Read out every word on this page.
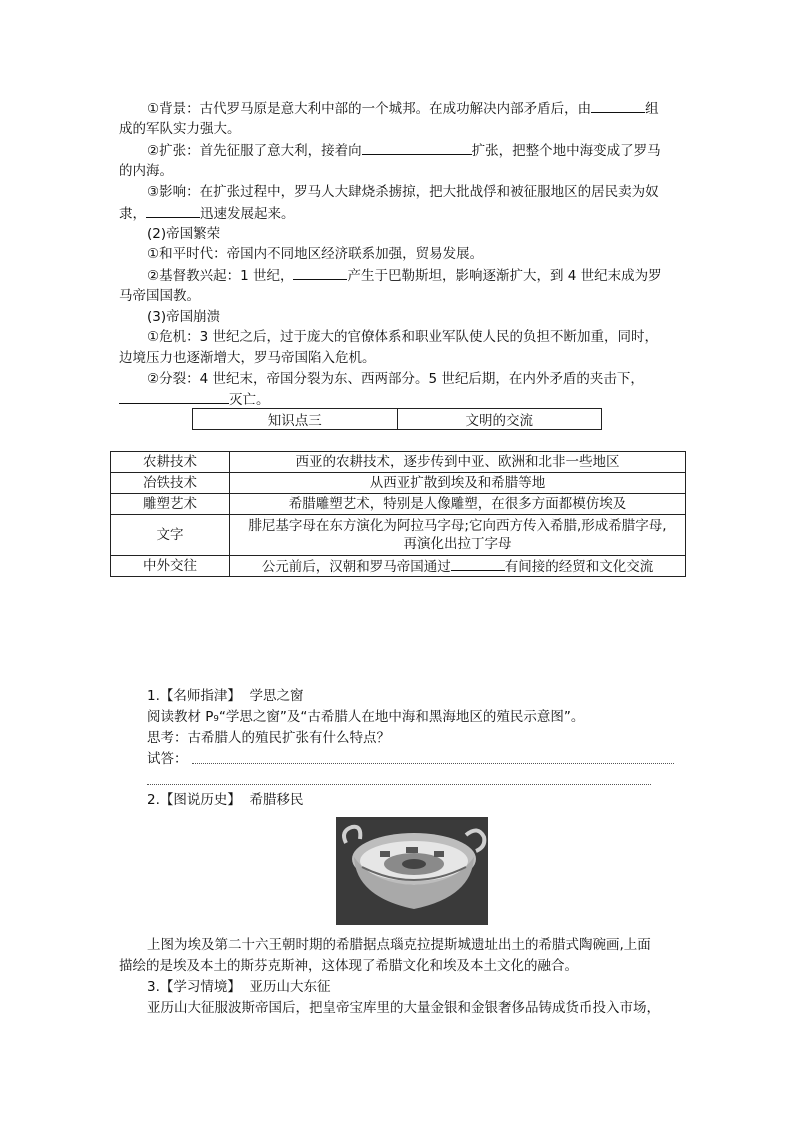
①背景：古代罗马原是意大利中部的一个城邦。在成功解决内部矛盾后，由	组
成的军队实力强大。
②扩张：首先征服了意大利，接着向	扩张，把整个地中海变成了罗马
的内海。
③影响：在扩张过程中，罗马人大肆烧杀掳掠，把大批战俘和被征服地区的居民卖为奴
隶，	迅速发展起来。
(2)帝国繁荣
①和平时代：帝国内不同地区经济联系加强，贸易发展。
②基督教兴起：1 世纪，	产生于巴勒斯坦，影响逐渐扩大，到 4 世纪末成为罗
马帝国国教。
(3)帝国崩溃
①危机：3 世纪之后，过于庞大的官僚体系和职业军队使人民的负担不断加重，同时，
边境压力也逐渐增大，罗马帝国陷入危机。
②分裂：4 世纪末，帝国分裂为东、西两部分。5 世纪后期，在内外矛盾的夹击下，
灭亡。
知识点三	文明的交流
农耕技术	西亚的农耕技术，逐步传到中亚、欧洲和北非一些地区
冶铁技术	从西亚扩散到埃及和希腊等地
雕塑艺术	希腊雕塑艺术，特别是人像雕塑，在很多方面都模仿埃及
文字	腓尼基字母在东方演化为阿拉马字母;它向西方传入希腊,形成希腊字母,
再演化出拉丁字母

中外交往	公元前后，汉朝和罗马帝国通过 有间接的经贸和文化交流
1.【名师指津】 学思之窗
阅读教材 P₉“学思之窗”及“古希腊人在地中海和黑海地区的殖民示意图”。
思考：古希腊人的殖民扩张有什么特点？
试答：
2.【图说历史】 希腊移民
上图为埃及第二十六王朝时期的希腊据点瑙克拉提斯城遗址出土的希腊式陶碗画,上面
描绘的是埃及本土的斯芬克斯神，这体现了希腊文化和埃及本土文化的融合。
3.【学习情境】 亚历山大东征
亚历山大征服波斯帝国后，把皇帝宝库里的大量金银和金银奢侈品铸成货币投入市场，
